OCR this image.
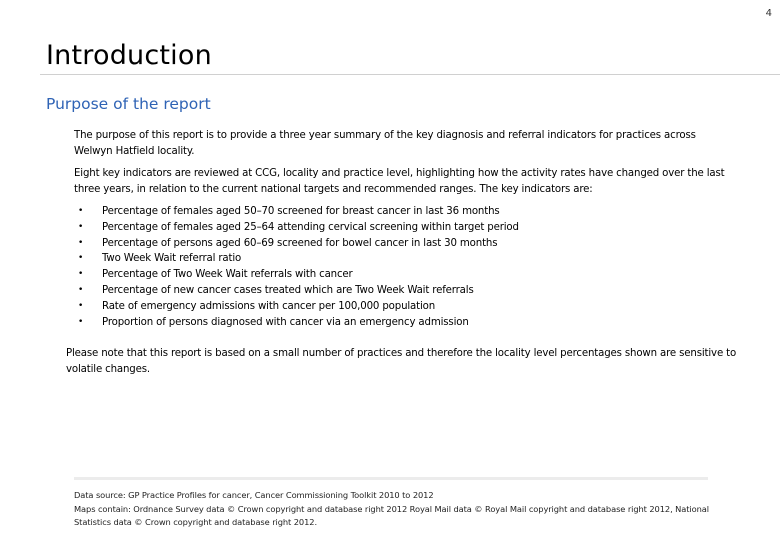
4
Introduction
Purpose of the report

The purpose of this report is to provide a three year summary of the key diagnosis and referral indicators for practices across Welwyn Hatfield locality.

Eight key indicators are reviewed at CCG, locality and practice level, highlighting how the activity rates have changed over the last three years, in relation to the current national targets and recommended ranges. The key indicators are:

• Percentage of females aged 50–70 screened for breast cancer in last 36 months
• Percentage of females aged 25–64 attending cervical screening within target period
• Percentage of persons aged 60–69 screened for bowel cancer in last 30 months
• Two Week Wait referral ratio
• Percentage of Two Week Wait referrals with cancer
• Percentage of new cancer cases treated which are Two Week Wait referrals
• Rate of emergency admissions with cancer per 100,000 population
• Proportion of persons diagnosed with cancer via an emergency admission

Please note that this report is based on a small number of practices and therefore the locality level percentages shown are sensitive to volatile changes.

Data source: GP Practice Profiles for cancer, Cancer Commissioning Toolkit 2010 to 2012
Maps contain: Ordnance Survey data © Crown copyright and database right 2012 Royal Mail data © Royal Mail copyright and database right 2012, National
Statistics data © Crown copyright and database right 2012.
